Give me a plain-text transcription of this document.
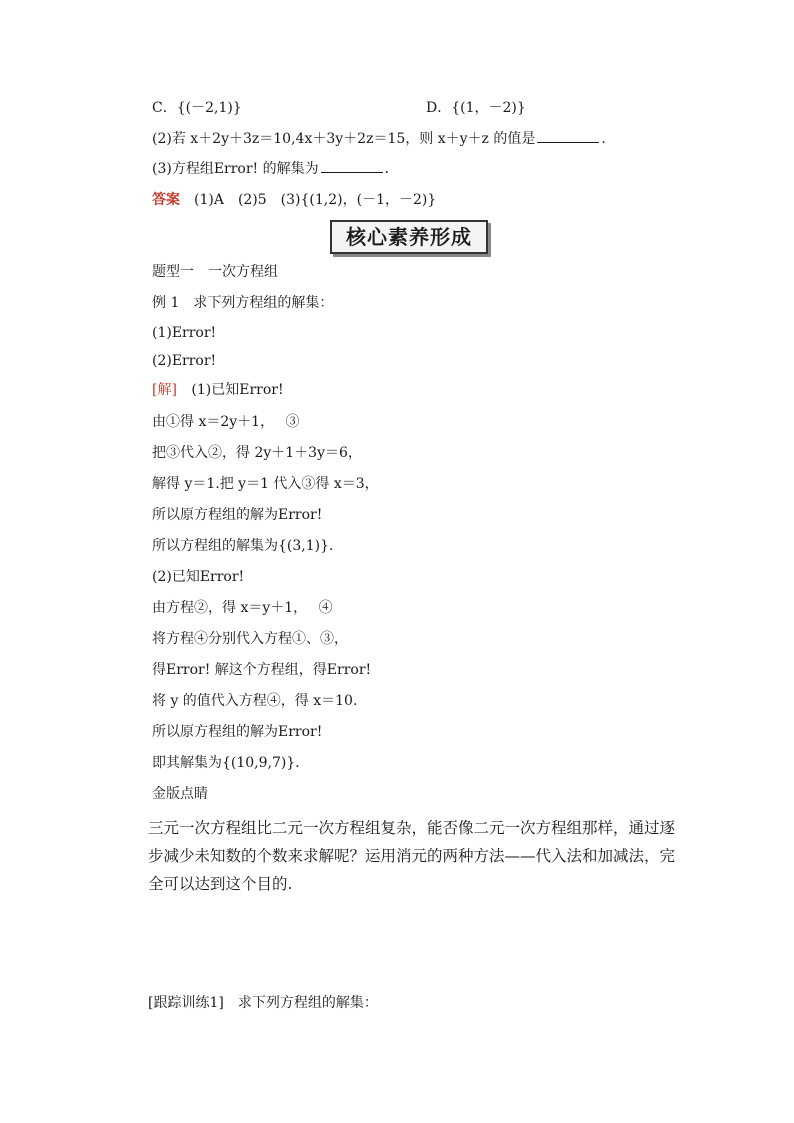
C．{(－2,1)}	D．{(1，－2)}
(2)若 x＋2y＋3z＝10,4x＋3y＋2z＝15，则 x＋y＋z 的值是	．
(3)方程组Error! 的解集为	．
答案 (1)A　(2)5　(3){(1,2)，(－1，－2)}
核心素养形成
题型一　一次方程组
例 1　求下列方程组的解集：
(1)Error!
(2)Error!
[解] (1)已知Error!
由①得 x＝2y＋1，　 ③
把③代入②，得 2y＋1＋3y＝6，
解得 y＝1.把 y＝1 代入③得 x＝3，
所以原方程组的解为Error!
所以方程组的解集为{(3,1)}．
(2)已知Error!
由方程②，得 x＝y＋1，　 ④
将方程④分别代入方程①、③，
得Error! 解这个方程组，得Error!
将 y 的值代入方程④，得 x＝10.
所以原方程组的解为Error!
即其解集为{(10,9,7)}．
金版点睛
三元一次方程组比二元一次方程组复杂，能否像二元一次方程组那样，通过逐步减少未知数的个数来求解呢？运用消元的两种方法——代入法和加减法，完全可以达到这个目的.
[跟踪训练1]　求下列方程组的解集：
